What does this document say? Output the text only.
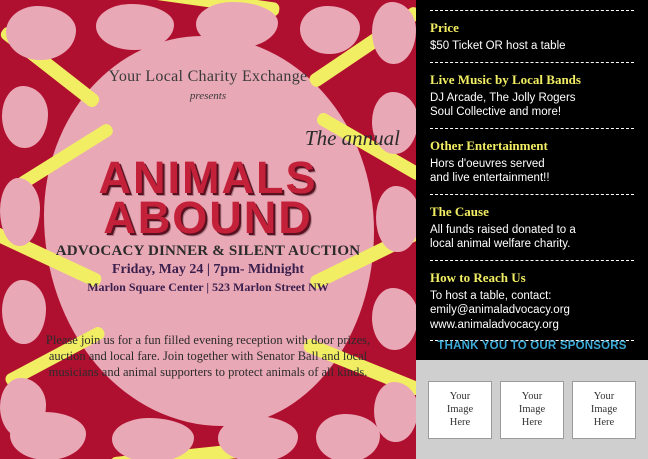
Your Local Charity Exchange
presents
The annual
ANIMALS
ABOUND
ADVOCACY DINNER & SILENT AUCTION
Friday, May 24 | 7pm- Midnight
Marlon Square Center | 523 Marlon Street NW
Please join us for a fun filled evening reception with door prizes, auction and local fare. Join together with Senator Ball and local musicians and animal supporters to protect animals of all kinds.
Price
$50 Ticket OR host a table
Live Music by Local Bands
DJ Arcade, The Jolly Rogers
Soul Collective and more!
Other Entertainment
Hors d'oeuvres served
and live entertainment!!
The Cause
All funds raised donated to a
local animal welfare charity.
How to Reach Us
To host a table, contact:
emily@animaladvocacy.org
www.animaladvocacy.org
THANK YOU TO OUR SPONSORS
Your
Image
Here
Your
Image
Here
Your
Image
Here
